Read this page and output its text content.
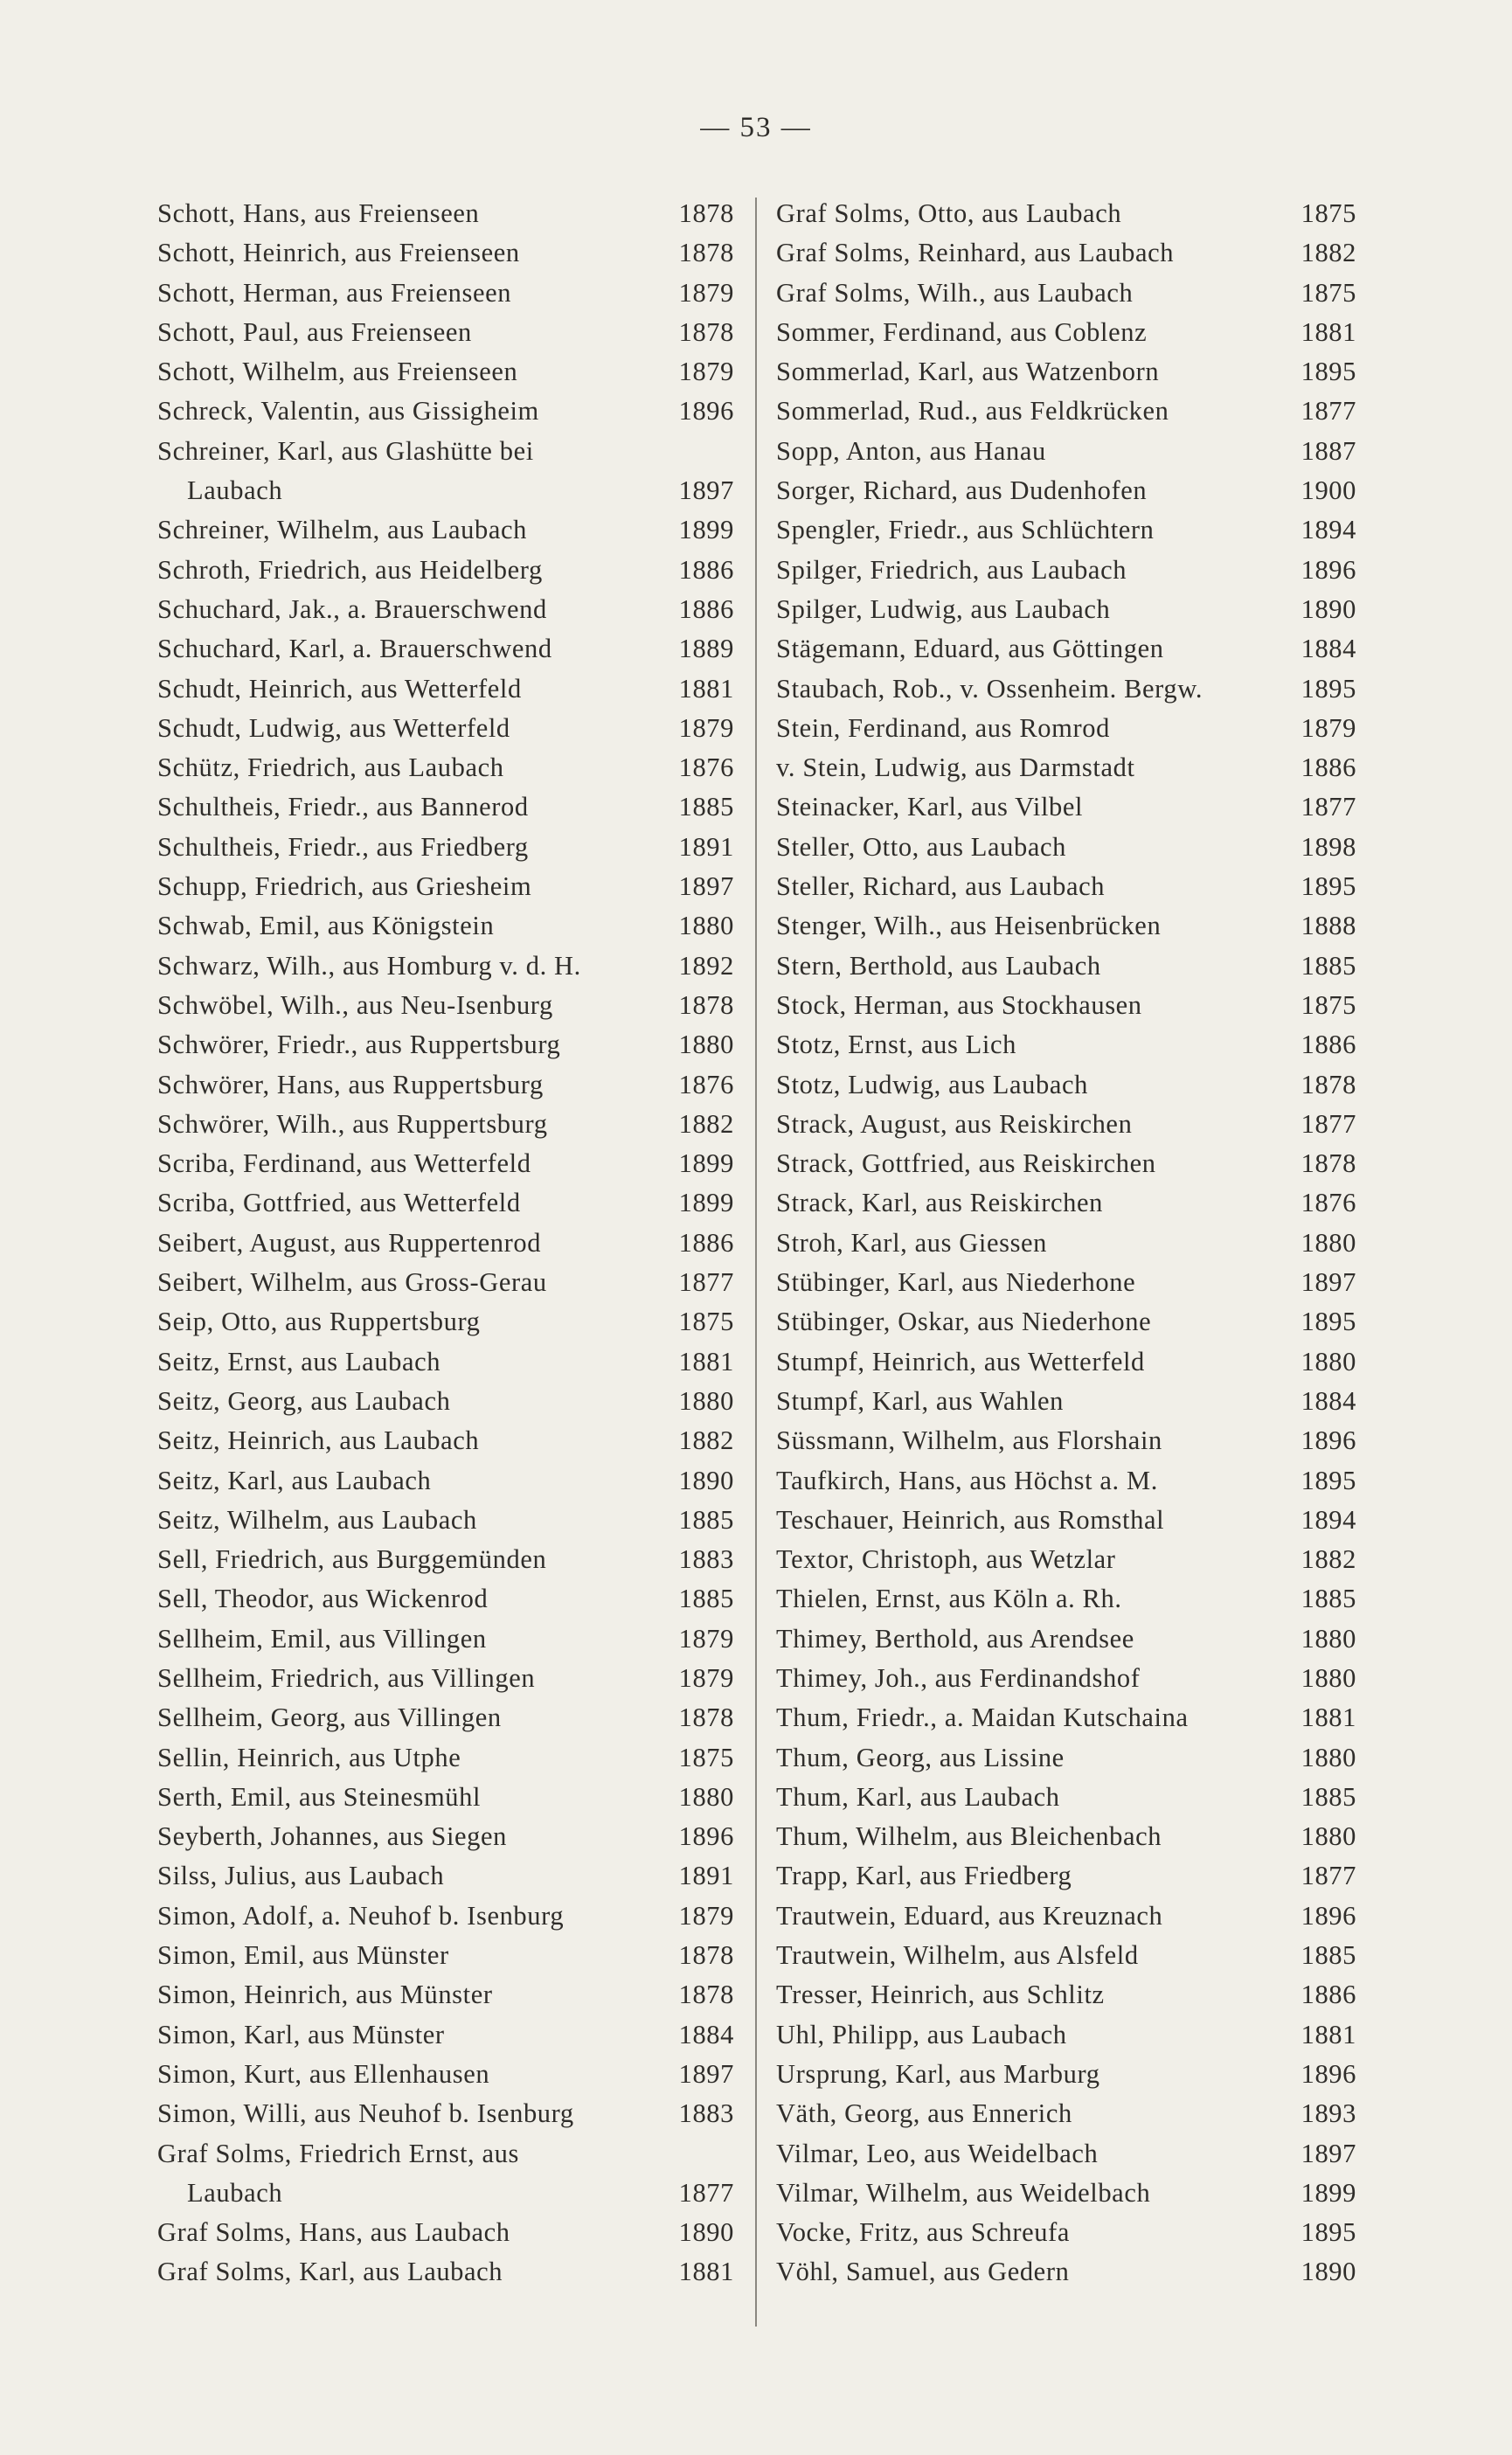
— 53 —
Schott, Hans, aus Freienseen	1878
Schott, Heinrich, aus Freienseen	1878
Schott, Herman, aus Freienseen	1879
Schott, Paul, aus Freienseen	1878
Schott, Wilhelm, aus Freienseen	1879
Schreck, Valentin, aus Gissigheim	1896
Schreiner, Karl, aus Glashütte bei
Laubach	1897
Schreiner, Wilhelm, aus Laubach	1899
Schroth, Friedrich, aus Heidelberg	1886
Schuchard, Jak., a. Brauerschwend	1886
Schuchard, Karl, a. Brauerschwend	1889
Schudt, Heinrich, aus Wetterfeld	1881
Schudt, Ludwig, aus Wetterfeld	1879
Schütz, Friedrich, aus Laubach	1876
Schultheis, Friedr., aus Bannerod	1885
Schultheis, Friedr., aus Friedberg	1891
Schupp, Friedrich, aus Griesheim	1897
Schwab, Emil, aus Königstein	1880
Schwarz, Wilh., aus Homburg v. d. H.	1892
Schwöbel, Wilh., aus Neu-Isenburg	1878
Schwörer, Friedr., aus Ruppertsburg	1880
Schwörer, Hans, aus Ruppertsburg	1876
Schwörer, Wilh., aus Ruppertsburg	1882
Scriba, Ferdinand, aus Wetterfeld	1899
Scriba, Gottfried, aus Wetterfeld	1899
Seibert, August, aus Ruppertenrod	1886
Seibert, Wilhelm, aus Gross-Gerau	1877
Seip, Otto, aus Ruppertsburg	1875
Seitz, Ernst, aus Laubach	1881
Seitz, Georg, aus Laubach	1880
Seitz, Heinrich, aus Laubach	1882
Seitz, Karl, aus Laubach	1890
Seitz, Wilhelm, aus Laubach	1885
Sell, Friedrich, aus Burggemünden	1883
Sell, Theodor, aus Wickenrod	1885
Sellheim, Emil, aus Villingen	1879
Sellheim, Friedrich, aus Villingen	1879
Sellheim, Georg, aus Villingen	1878
Sellin, Heinrich, aus Utphe	1875
Serth, Emil, aus Steinesmühl	1880
Seyberth, Johannes, aus Siegen	1896
Silss, Julius, aus Laubach	1891
Simon, Adolf, a. Neuhof b. Isenburg	1879
Simon, Emil, aus Münster	1878
Simon, Heinrich, aus Münster	1878
Simon, Karl, aus Münster	1884
Simon, Kurt, aus Ellenhausen	1897
Simon, Willi, aus Neuhof b. Isenburg	1883
Graf Solms, Friedrich Ernst, aus
Laubach	1877
Graf Solms, Hans, aus Laubach	1890
Graf Solms, Karl, aus Laubach	1881
Graf Solms, Otto, aus Laubach	1875
Graf Solms, Reinhard, aus Laubach	1882
Graf Solms, Wilh., aus Laubach	1875
Sommer, Ferdinand, aus Coblenz	1881
Sommerlad, Karl, aus Watzenborn	1895
Sommerlad, Rud., aus Feldkrücken	1877
Sopp, Anton, aus Hanau	1887
Sorger, Richard, aus Dudenhofen	1900
Spengler, Friedr., aus Schlüchtern	1894
Spilger, Friedrich, aus Laubach	1896
Spilger, Ludwig, aus Laubach	1890
Stägemann, Eduard, aus Göttingen	1884
Staubach, Rob., v. Ossenheim. Bergw.	1895
Stein, Ferdinand, aus Romrod	1879
v. Stein, Ludwig, aus Darmstadt	1886
Steinacker, Karl, aus Vilbel	1877
Steller, Otto, aus Laubach	1898
Steller, Richard, aus Laubach	1895
Stenger, Wilh., aus Heisenbrücken	1888
Stern, Berthold, aus Laubach	1885
Stock, Herman, aus Stockhausen	1875
Stotz, Ernst, aus Lich	1886
Stotz, Ludwig, aus Laubach	1878
Strack, August, aus Reiskirchen	1877
Strack, Gottfried, aus Reiskirchen	1878
Strack, Karl, aus Reiskirchen	1876
Stroh, Karl, aus Giessen	1880
Stübinger, Karl, aus Niederhone	1897
Stübinger, Oskar, aus Niederhone	1895
Stumpf, Heinrich, aus Wetterfeld	1880
Stumpf, Karl, aus Wahlen	1884
Süssmann, Wilhelm, aus Florshain	1896
Taufkirch, Hans, aus Höchst a. M.	1895
Teschauer, Heinrich, aus Romsthal	1894
Textor, Christoph, aus Wetzlar	1882
Thielen, Ernst, aus Köln a. Rh.	1885
Thimey, Berthold, aus Arendsee	1880
Thimey, Joh., aus Ferdinandshof	1880
Thum, Friedr., a. Maidan Kutschaina	1881
Thum, Georg, aus Lissine	1880
Thum, Karl, aus Laubach	1885
Thum, Wilhelm, aus Bleichenbach	1880
Trapp, Karl, aus Friedberg	1877
Trautwein, Eduard, aus Kreuznach	1896
Trautwein, Wilhelm, aus Alsfeld	1885
Tresser, Heinrich, aus Schlitz	1886
Uhl, Philipp, aus Laubach	1881
Ursprung, Karl, aus Marburg	1896
Väth, Georg, aus Ennerich	1893
Vilmar, Leo, aus Weidelbach	1897
Vilmar, Wilhelm, aus Weidelbach	1899
Vocke, Fritz, aus Schreufa	1895
Vöhl, Samuel, aus Gedern	1890
